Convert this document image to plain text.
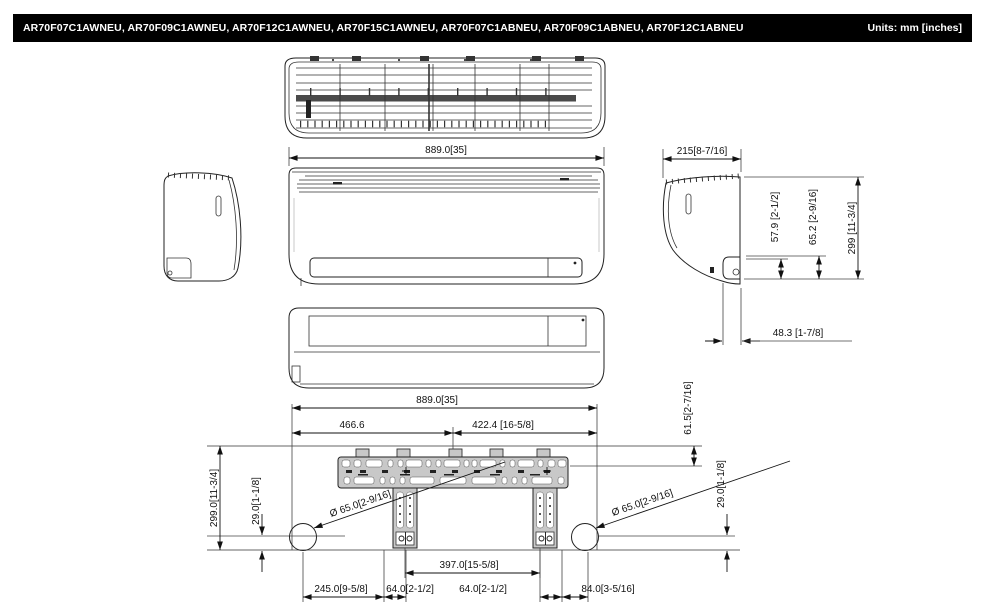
AR70F07C1AWNEU, AR70F09C1AWNEU, AR70F12C1AWNEU, AR70F15C1AWNEU, AR70F07C1ABNEU, AR70F09C1ABNEU, AR70F12C1ABNEU	Units: mm [inches]
889.0[35]	215[8-7/16]
57.9 [2-1/2]	65.2 [2-9/16]	299 [11-3/4]
48.3 [1-7/8]
889.0[35]
466.6	422.4 [16-5/8]	61.5[2-7/16]
299.0[11-3/4]	29.0[1-1/8]	29.0[1-1/8]
Ø 65.0[2-9/16]	Ø 65.0[2-9/16]
397.0[15-5/8]
245.0[9-5/8] 64.0[2-1/2]	64.0[2-1/2]	84.0[3-5/16]
